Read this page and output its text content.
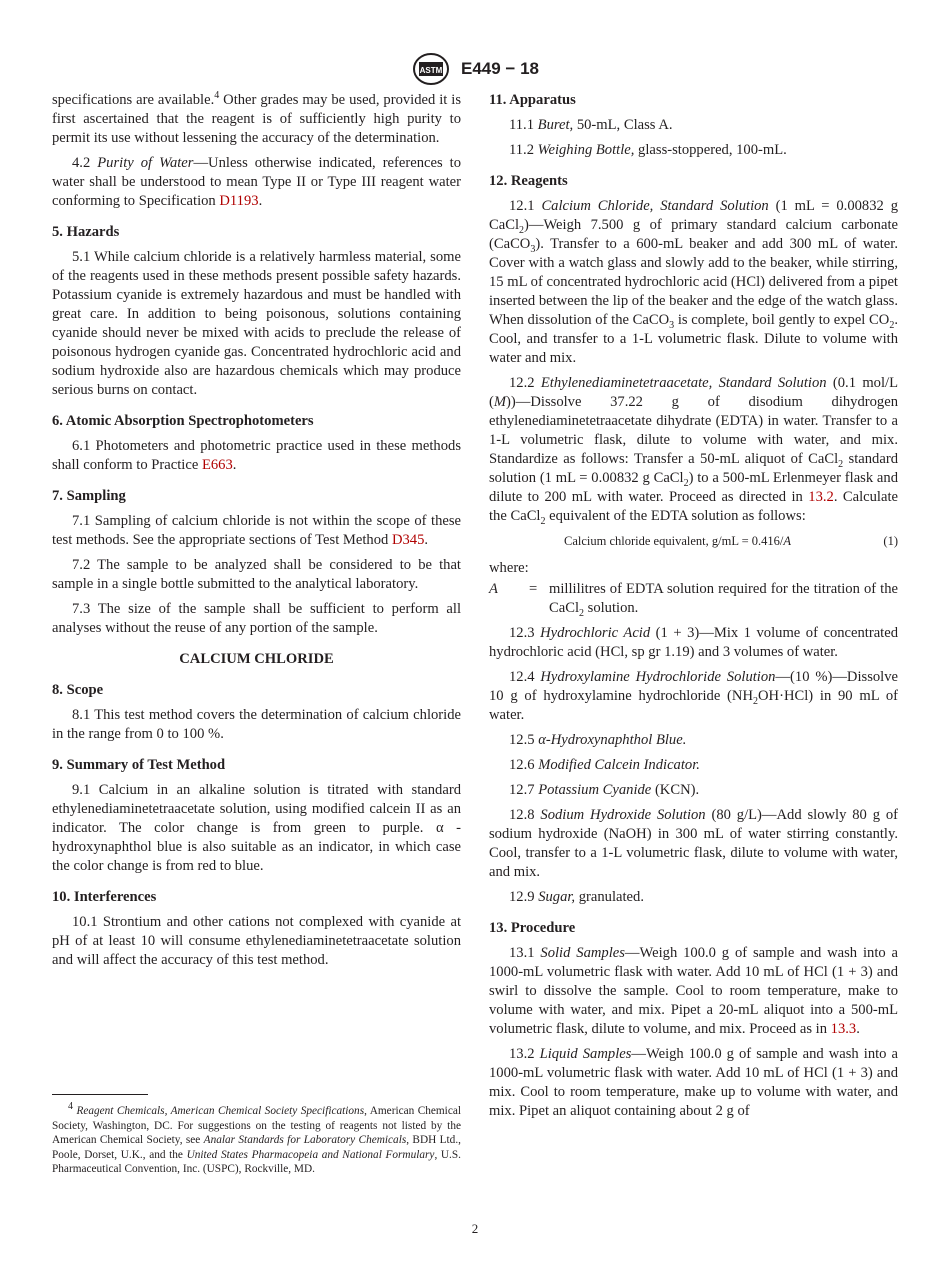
ASTM E449 − 18

specifications are available.$^4$ Other grades may be used, provided it is first ascertained that the reagent is of sufficiently high purity to permit its use without lessening the accuracy of the determination.

4.2 Purity of Water—Unless otherwise indicated, references to water shall be understood to mean Type II or Type III reagent water conforming to Specification D1193.

5. Hazards

5.1 While calcium chloride is a relatively harmless material, some of the reagents used in these methods present possible safety hazards. Potassium cyanide is extremely hazardous and must be handled with great care. In addition to being poisonous, solutions containing cyanide should never be mixed with acids to preclude the release of poisonous hydrogen cyanide gas. Concentrated hydrochloric acid and sodium hydroxide also are hazardous chemicals which may produce serious burns on contact.

6. Atomic Absorption Spectrophotometers

6.1 Photometers and photometric practice used in these methods shall conform to Practice E663.

7. Sampling

7.1 Sampling of calcium chloride is not within the scope of these test methods. See the appropriate sections of Test Method D345.

7.2 The sample to be analyzed shall be considered to be that sample in a single bottle submitted to the analytical laboratory.

7.3 The size of the sample shall be sufficient to perform all analyses without the reuse of any portion of the sample.

CALCIUM CHLORIDE
8. Scope

8.1 This test method covers the determination of calcium chloride in the range from 0 to 100 %.

9. Summary of Test Method

9.1 Calcium in an alkaline solution is titrated with standard ethylenediaminetetraacetate solution, using modified calcein II as an indicator. The color change is from green to purple. α -hydroxynaphthol blue is also suitable as an indicator, in which case the color change is from red to blue.

10. Interferences

10.1 Strontium and other cations not complexed with cyanide at pH of at least 10 will consume ethylenediaminetetraacetate solution and will affect the accuracy of this test method.

$^4$ Reagent Chemicals, American Chemical Society Specifications, American Chemical Society, Washington, DC. For suggestions on the testing of reagents not listed by the American Chemical Society, see Analar Standards for Laboratory Chemicals, BDH Ltd., Poole, Dorset, U.K., and the United States Pharmacopeia and National Formulary, U.S. Pharmaceutical Convention, Inc. (USPC), Rockville, MD.

11. Apparatus

11.1 Buret, 50-mL, Class A.

11.2 Weighing Bottle, glass-stoppered, 100-mL.

12. Reagents

12.1 Calcium Chloride, Standard Solution (1 mL = 0.00832 g CaCl$_2$)—Weigh 7.500 g of primary standard calcium carbonate (CaCO$_3$). Transfer to a 600-mL beaker and add 300 mL of water. Cover with a watch glass and slowly add to the beaker, while stirring, 15 mL of concentrated hydrochloric acid (HCl) delivered from a pipet inserted between the lip of the beaker and the edge of the watch glass. When dissolution of the CaCO$_3$ is complete, boil gently to expel $CO_2$. Cool, and transfer to a 1-L volumetric flask. Dilute to volume with water and mix.

12.2 Ethylenediaminetetraacetate, Standard Solution (0.1 mol/L (M))—Dissolve 37.22 g of disodium dihydrogen ethylenediaminetetraacetate dihydrate (EDTA) in water. Transfer to a 1-L volumetric flask, dilute to volume with water, and mix. Standardize as follows: Transfer a 50-mL aliquot of CaCl$_2$ standard solution (1 mL = 0.00832 g CaCl$_2$) to a 500-mL Erlenmeyer flask and dilute to 200 mL with water. Proceed as directed in 13.2. Calculate the CaCl$_2$ equivalent of the EDTA solution as follows:

Calcium chloride equivalent, g/mL = 0.416/A	(1)
where:
A	= millilitres of EDTA solution required for the titration of the CaCl$_2$ solution.

12.3 Hydrochloric Acid (1 + 3)—Mix 1 volume of concentrated hydrochloric acid (HCl, sp gr 1.19) and 3 volumes of water.

12.4 Hydroxylamine Hydrochloride Solution—(10 %)—Dissolve 10 g of hydroxylamine hydrochloride $(NH_2OH\cdot HCl)$ in 90 mL of water.

12.5 α-Hydroxynaphthol Blue.

12.6 Modified Calcein Indicator.

12.7 Potassium Cyanide (KCN).

12.8 Sodium Hydroxide Solution (80 g/L)—Add slowly 80 g of sodium hydroxide (NaOH) in 300 mL of water stirring constantly. Cool, transfer to a 1-L volumetric flask, dilute to volume with water, and mix.

12.9 Sugar, granulated.

13. Procedure

13.1 Solid Samples—Weigh 100.0 g of sample and wash into a 1000-mL volumetric flask with water. Add 10 mL of HCl (1 + 3) and swirl to dissolve the sample. Cool to room temperature, make to volume with water, and mix. Pipet a 20-mL aliquot into a 500-mL volumetric flask, dilute to volume, and mix. Proceed as in 13.3.

13.2 Liquid Samples—Weigh 100.0 g of sample and wash into a 1000-mL volumetric flask with water. Add 10 mL of HCl (1 + 3) and mix. Cool to room temperature, make up to volume with water, and mix. Pipet an aliquot containing about 2 g of

2
